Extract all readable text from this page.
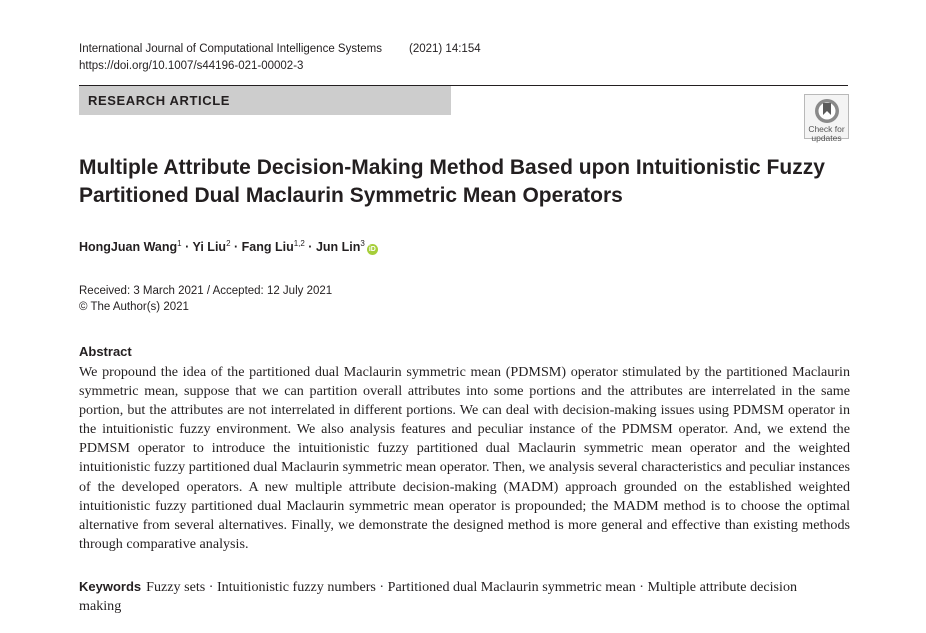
International Journal of Computational Intelligence Systems (2021) 14:154
https://doi.org/10.1007/s44196-021-00002-3
RESEARCH ARTICLE
Check for
updates
Multiple Attribute Decision-Making Method Based upon Intuitionistic Fuzzy Partitioned Dual Maclaurin Symmetric Mean Operators
HongJuan Wang$^1$ · Yi Liu$^2$ · Fang Liu$^{1,2}$ · Jun Lin$^3$iD
Received: 3 March 2021 / Accepted: 12 July 2021
© The Author(s) 2021
Abstract

We propound the idea of the partitioned dual Maclaurin symmetric mean (PDMSM) operator stimulated by the partitioned Maclaurin symmetric mean, suppose that we can partition overall attributes into some portions and the attributes are interrelated in the same portion, but the attributes are not interrelated in different portions. We can deal with decision-making issues using PDMSM operator in the intuitionistic fuzzy environment. We also analysis features and peculiar instance of the PDMSM operator. And, we extend the PDMSM operator to introduce the intuitionistic fuzzy partitioned dual Maclaurin symmetric mean operator and the weighted intuitionistic fuzzy partitioned dual Maclaurin symmetric mean operator. Then, we analysis several characteristics and peculiar instances of the developed operators. A new multiple attribute decision-making (MADM) approach grounded on the established weighted intuitionistic fuzzy partitioned dual Maclaurin symmetric mean operator is propounded; the MADM method is to choose the optimal alternative from several alternatives. Finally, we demonstrate the designed method is more general and effective than existing methods through comparative analysis.

Keywords Fuzzy sets · Intuitionistic fuzzy numbers · Partitioned dual Maclaurin symmetric mean · Multiple attribute decision making
